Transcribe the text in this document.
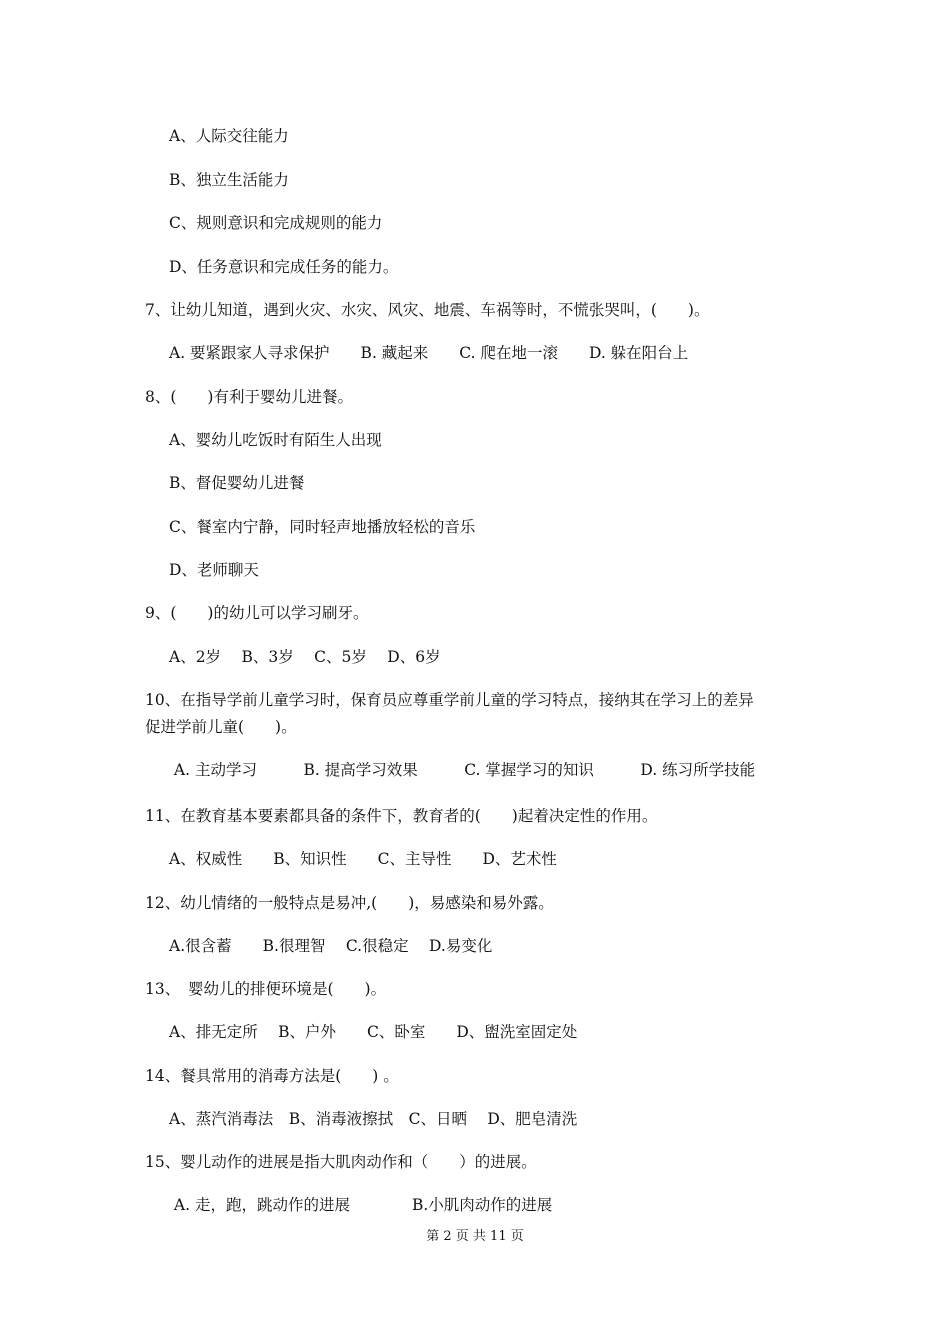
A、人际交往能力

B、独立生活能力

C、规则意识和完成规则的能力

D、任务意识和完成任务的能力。

7、让幼儿知道，遇到火灾、水灾、风灾、地震、车祸等时，不慌张哭叫，(　　)。

A. 要紧跟家人寻求保护　　B. 藏起来　　C. 爬在地一滚　　D. 躲在阳台上

8、(　　)有利于婴幼儿进餐。

A、婴幼儿吃饭时有陌生人出现

B、督促婴幼儿进餐

C、餐室内宁静，同时轻声地播放轻松的音乐

D、老师聊天

9、(　　)的幼儿可以学习刷牙。

A、2岁　 B、3岁　 C、5岁　 D、6岁

10、在指导学前儿童学习时，保育员应尊重学前儿童的学习特点，接纳其在学习上的差异

促进学前儿童(　　)。

A. 主动学习　　　B. 提高学习效果　　　C. 掌握学习的知识　　　D. 练习所学技能

11、在教育基本要素都具备的条件下，教育者的(　　)起着决定性的作用。

A、权威性　　B、知识性　　C、主导性　　D、艺术性

12、幼儿情绪的一般特点是易冲,(　　)，易感染和易外露。

A.很含蓄　　B.很理智　 C.很稳定　 D.易变化

13、　婴幼儿的排便环境是(　　)。

A、排无定所　 B、户外　　C、卧室　　D、盥洗室固定处

14、餐具常用的消毒方法是(　　) 。

A、蒸汽消毒法　B、消毒液擦拭　C、日晒　 D、肥皂清洗

15、婴儿动作的进展是指大肌肉动作和（　　）的进展。

A. 走，跑，跳动作的进展　　　　B.小肌肉动作的进展

第 2 页 共 11 页
